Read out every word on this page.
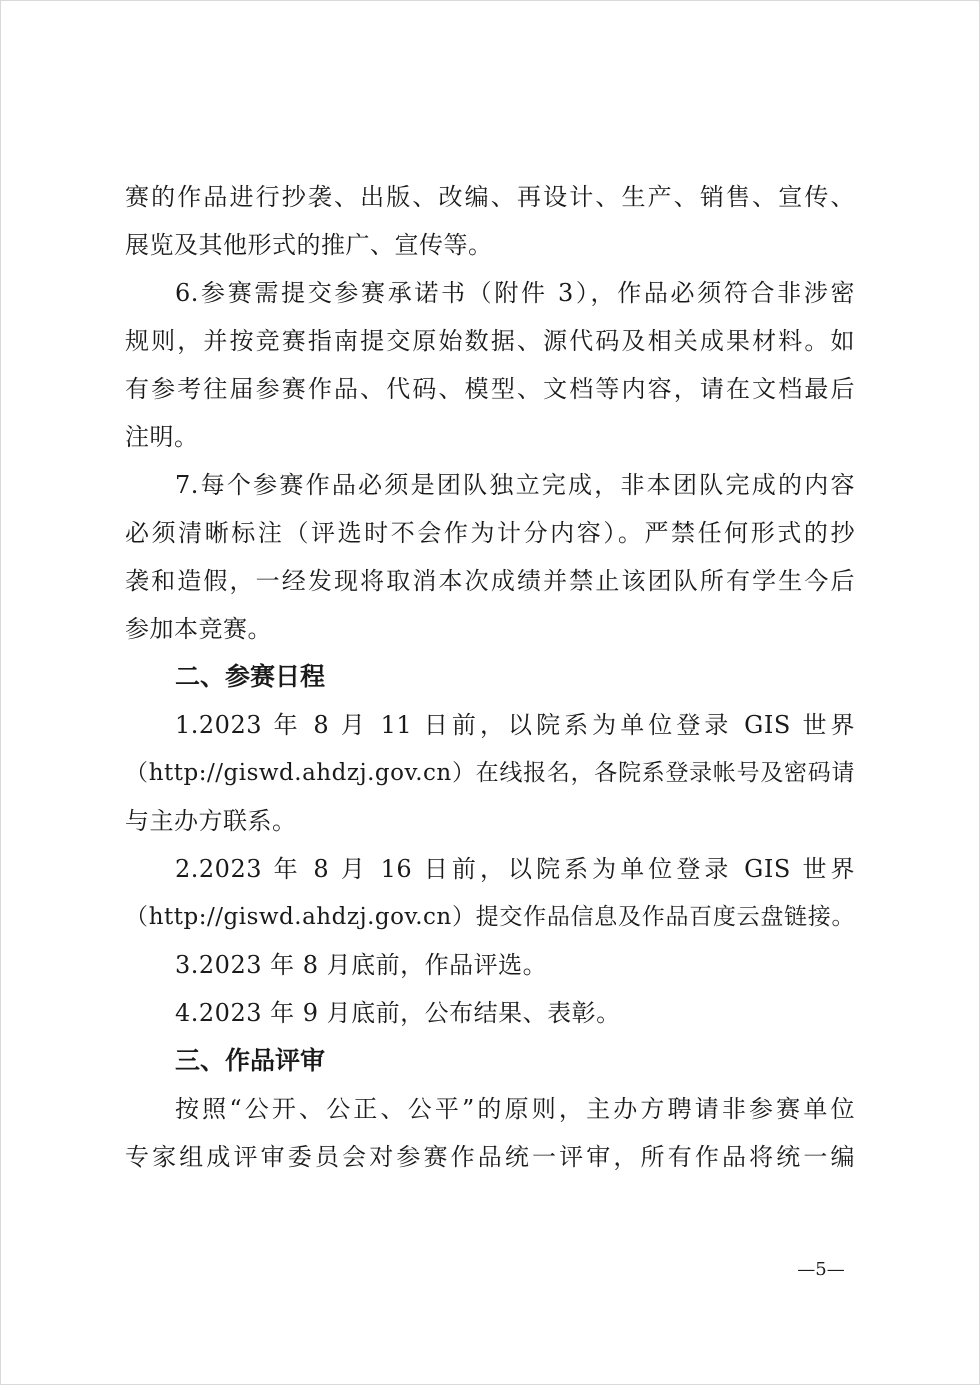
赛的作品进行抄袭、出版、改编、再设计、生产、销售、宣传、
展览及其他形式的推广、宣传等。
6.参赛需提交参赛承诺书（附件 3），作品必须符合非涉密
规则，并按竞赛指南提交原始数据、源代码及相关成果材料。如
有参考往届参赛作品、代码、模型、文档等内容，请在文档最后
注明。
7.每个参赛作品必须是团队独立完成，非本团队完成的内容
必须清晰标注（评选时不会作为计分内容）。严禁任何形式的抄
袭和造假，一经发现将取消本次成绩并禁止该团队所有学生今后
参加本竞赛。
二、参赛日程
1.2023 年 8 月 11 日前，以院系为单位登录 GIS 世界
（http://giswd.ahdzj.gov.cn）在线报名，各院系登录帐号及密码请
与主办方联系。
2.2023 年 8 月 16 日前，以院系为单位登录 GIS 世界
（http://giswd.ahdzj.gov.cn）提交作品信息及作品百度云盘链接。
3.2023 年 8 月底前，作品评选。
4.2023 年 9 月底前，公布结果、表彰。
三、作品评审
按照“公开、公正、公平”的原则，主办方聘请非参赛单位
专家组成评审委员会对参赛作品统一评审，所有作品将统一编
—5—
